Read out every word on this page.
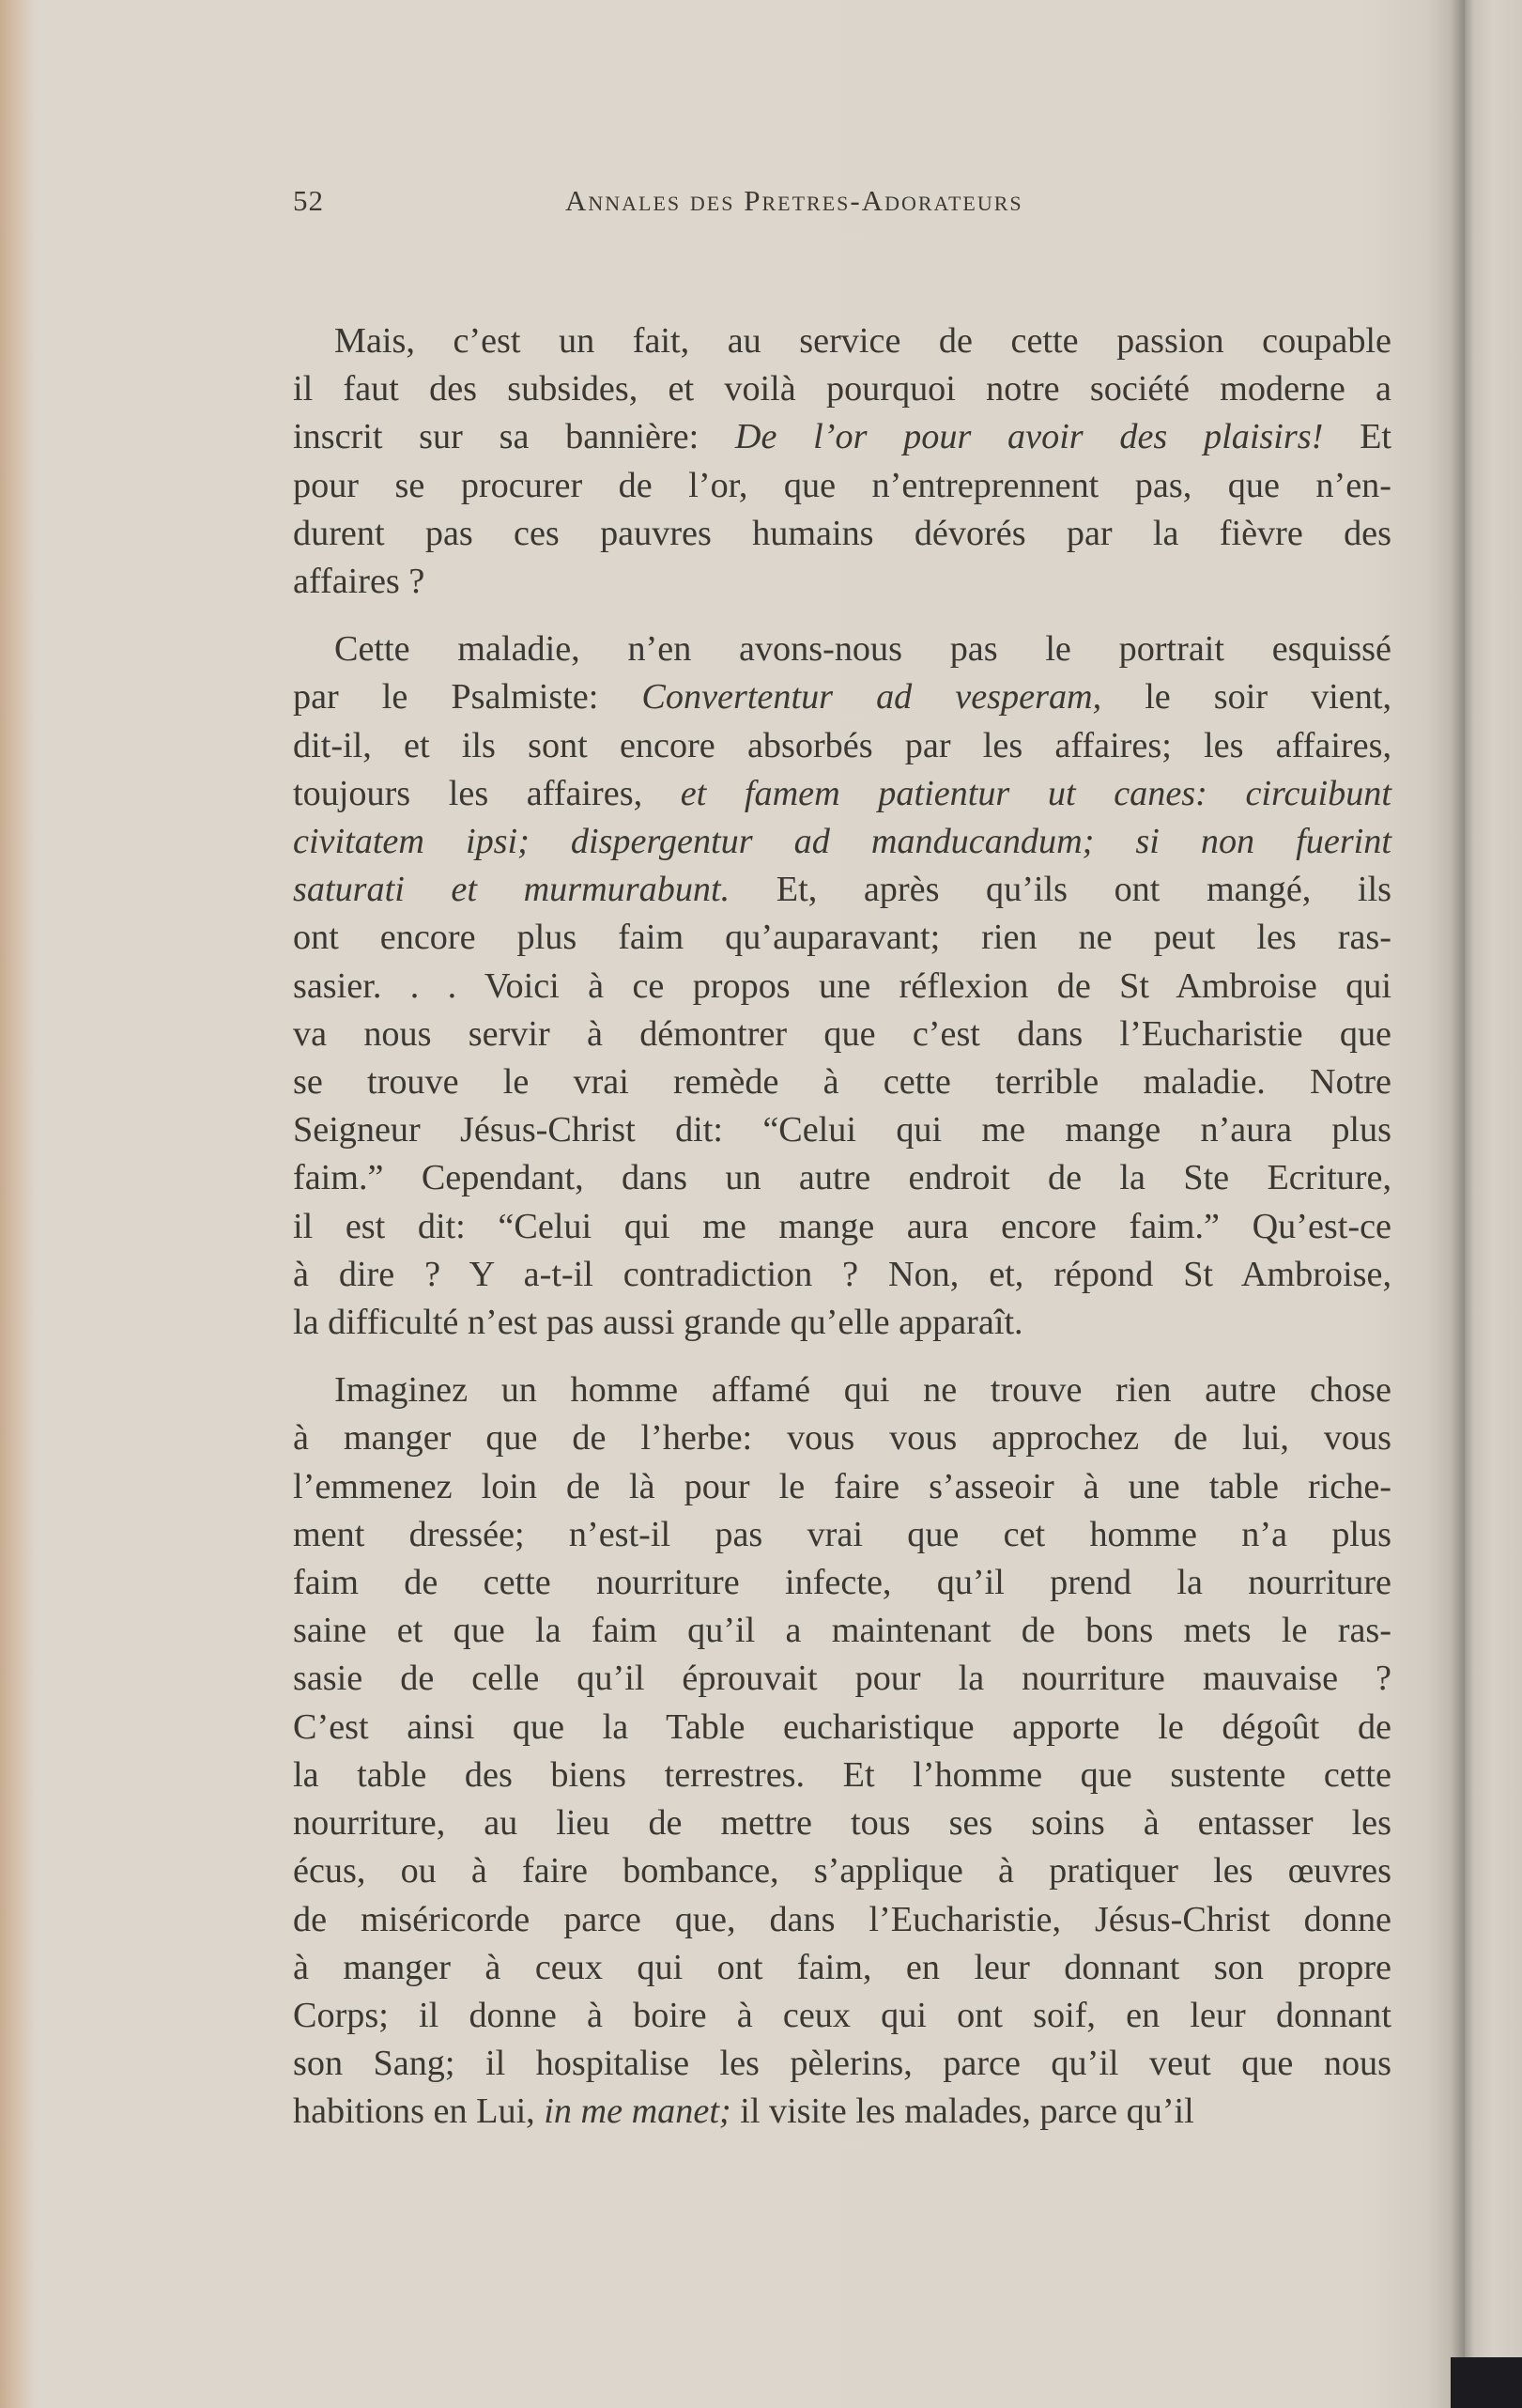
52	Annales des Pretres-Adorateurs
Mais, c’est un fait, au service de cette passion coupable
il faut des subsides, et voilà pourquoi notre société moderne a
inscrit sur sa bannière: De l’or pour avoir des plaisirs! Et
pour se procurer de l’or, que n’entreprennent pas, que n’en-
durent pas ces pauvres humains dévorés par la fièvre des
affaires ?
Cette maladie, n’en avons-nous pas le portrait esquissé
par le Psalmiste: Convertentur ad vesperam, le soir vient,
dit-il, et ils sont encore absorbés par les affaires; les affaires,
toujours les affaires, et famem patientur ut canes: circuibunt
civitatem ipsi; dispergentur ad manducandum; si non fuerint
saturati et murmurabunt. Et, après qu’ils ont mangé, ils
ont encore plus faim qu’auparavant; rien ne peut les ras-
sasier. . . Voici à ce propos une réflexion de St Ambroise qui
va nous servir à démontrer que c’est dans l’Eucharistie que
se trouve le vrai remède à cette terrible maladie. Notre
Seigneur Jésus-Christ dit: “Celui qui me mange n’aura plus
faim.” Cependant, dans un autre endroit de la Ste Ecriture,
il est dit: “Celui qui me mange aura encore faim.” Qu’est-ce
à dire ? Y a-t-il contradiction ? Non, et, répond St Ambroise,
la difficulté n’est pas aussi grande qu’elle apparaît.
Imaginez un homme affamé qui ne trouve rien autre chose
à manger que de l’herbe: vous vous approchez de lui, vous
l’emmenez loin de là pour le faire s’asseoir à une table riche-
ment dressée; n’est-il pas vrai que cet homme n’a plus
faim de cette nourriture infecte, qu’il prend la nourriture
saine et que la faim qu’il a maintenant de bons mets le ras-
sasie de celle qu’il éprouvait pour la nourriture mauvaise ?
C’est ainsi que la Table eucharistique apporte le dégoût de
la table des biens terrestres. Et l’homme que sustente cette
nourriture, au lieu de mettre tous ses soins à entasser les
écus, ou à faire bombance, s’applique à pratiquer les œuvres
de miséricorde parce que, dans l’Eucharistie, Jésus-Christ donne
à manger à ceux qui ont faim, en leur donnant son propre
Corps; il donne à boire à ceux qui ont soif, en leur donnant
son Sang; il hospitalise les pèlerins, parce qu’il veut que nous
habitions en Lui, in me manet; il visite les malades, parce qu’il
